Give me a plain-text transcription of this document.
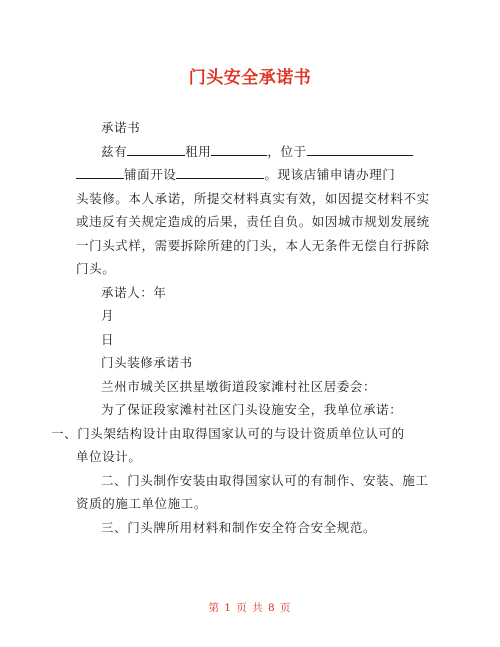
门头安全承诺书
承诺书
兹有	租用	，位于
铺面开设	。现该店铺申请办理门
头装修。本人承诺，所提交材料真实有效，如因提交材料不实
或违反有关规定造成的后果，责任自负。如因城市规划发展统
一门头式样，需要拆除所建的门头，本人无条件无偿自行拆除
门头。
承诺人：年
月
日
门头装修承诺书
兰州市城关区拱星墩街道段家滩村社区居委会：
为了保证段家滩村社区门头设施安全，我单位承诺：
一、门头架结构设计由取得国家认可的与设计资质单位认可的
单位设计。
二、门头制作安装由取得国家认可的有制作、安装、施工
资质的施工单位施工。
三、门头牌所用材料和制作安全符合安全规范。
第 1 页 共 8 页
